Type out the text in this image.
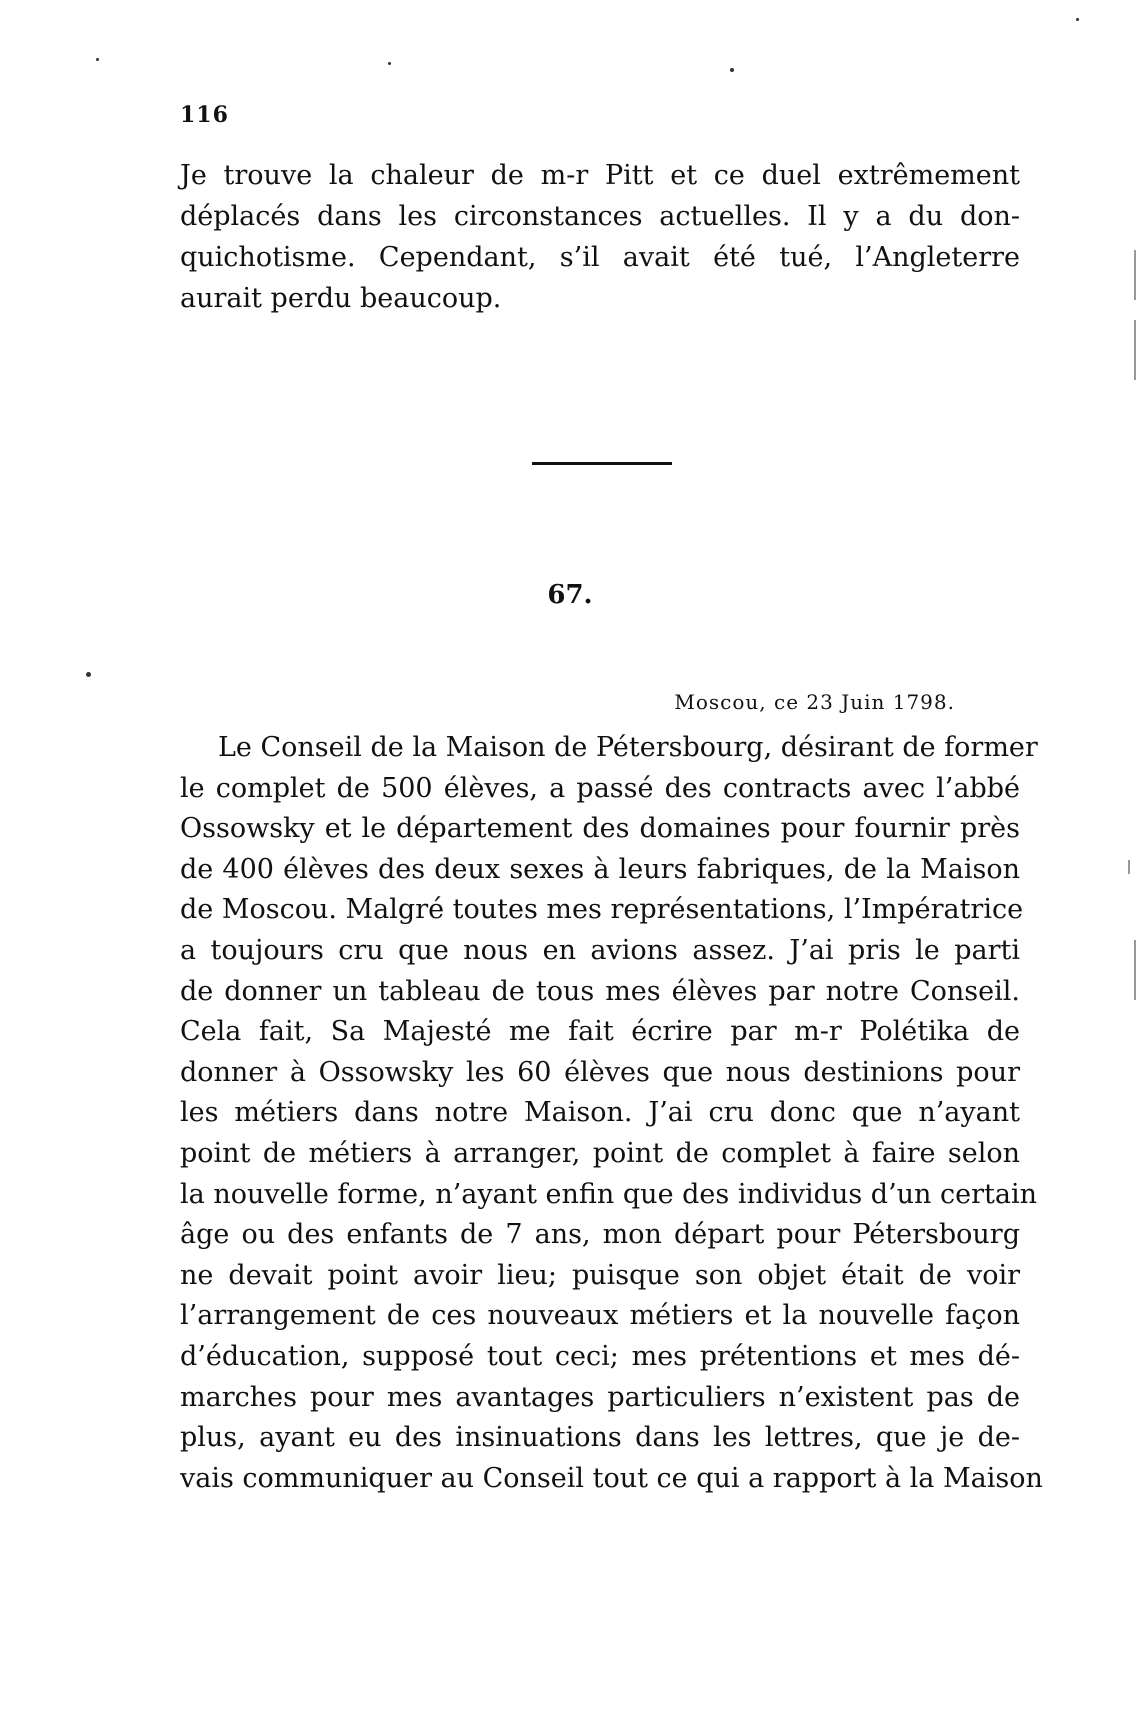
116
Je trouve la chaleur de m-r Pitt et ce duel extrêmement
déplacés dans les circonstances actuelles. Il y a du don-
quichotisme. Cependant, s’il avait été tué, l’Angleterre
aurait perdu beaucoup.
67.
Moscou, ce 23 Juin 1798.
Le Conseil de la Maison de Pétersbourg, désirant de former
le complet de 500 élèves, a passé des contracts avec l’abbé
Ossowsky et le département des domaines pour fournir près
de 400 élèves des deux sexes à leurs fabriques, de la Maison
de Moscou. Malgré toutes mes représentations, l’Impératrice
a toujours cru que nous en avions assez. J’ai pris le parti
de donner un tableau de tous mes élèves par notre Conseil.
Cela fait, Sa Majesté me fait écrire par m-r Polétika de
donner à Ossowsky les 60 élèves que nous destinions pour
les métiers dans notre Maison. J’ai cru donc que n’ayant
point de métiers à arranger, point de complet à faire selon
la nouvelle forme, n’ayant enfin que des individus d’un certain
âge ou des enfants de 7 ans, mon départ pour Pétersbourg
ne devait point avoir lieu; puisque son objet était de voir
l’arrangement de ces nouveaux métiers et la nouvelle façon
d’éducation, supposé tout ceci; mes prétentions et mes dé-
marches pour mes avantages particuliers n’existent pas de
plus, ayant eu des insinuations dans les lettres, que je de-
vais communiquer au Conseil tout ce qui a rapport à la Maison
